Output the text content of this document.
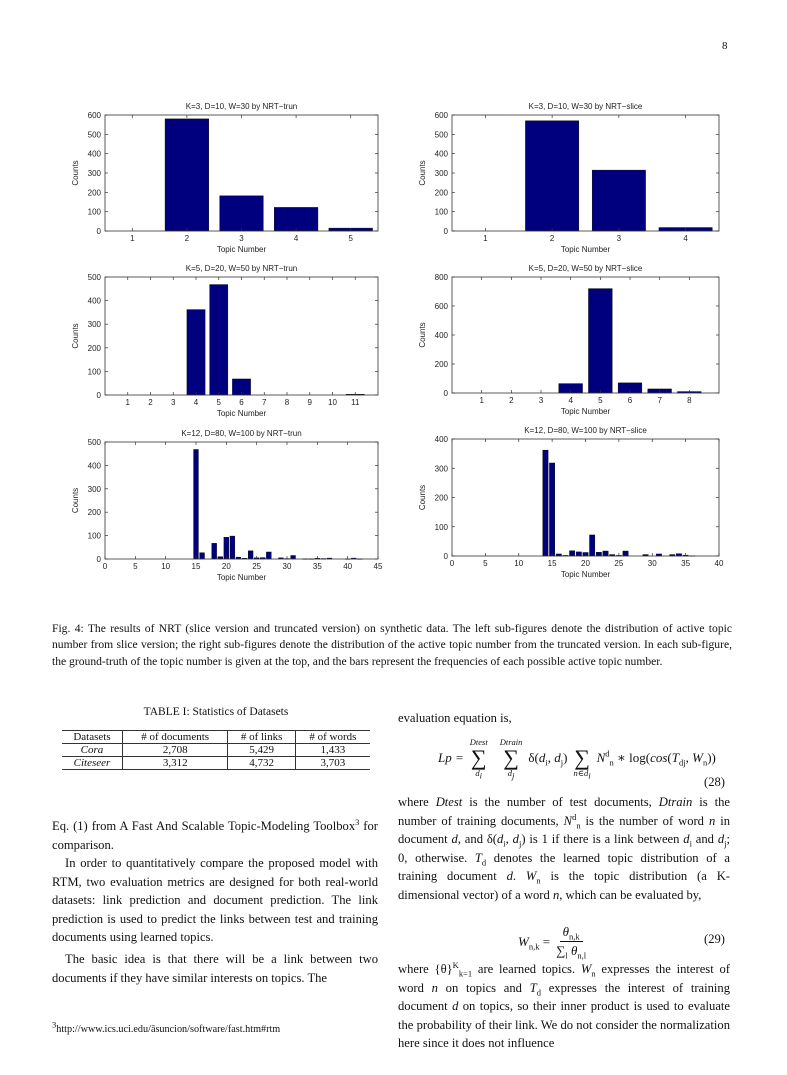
8
1	2	3	4	5
0
100
200
300
400
500
600
K=3, D=10, W=30 by NRT−trun
Topic Number
Counts
1	2	3	4
0
100
200
300
400
500
600
K=3, D=10, W=30 by NRT−slice
Topic Number
Counts
1 2 3 4 5 6 7 8 9 10 11
0
100
200
300
400
500
K=5, D=20, W=50 by NRT−trun
Topic Number
Counts
1	2	3	4	5	6	7	8
0
200
400
600
800
K=5, D=20, W=50 by NRT−slice
Topic Number
Counts
0	5	10	15	20	25	30	35	40	45
0
100
200
300
400
500
K=12, D=80, W=100 by NRT−trun
Topic Number
Counts
0	5	10	15	20	25	30	35	40
0
100
200
300
400
K=12, D=80, W=100 by NRT−slice
Topic Number
Counts
Fig. 4: The results of NRT (slice version and truncated version) on synthetic data. The left sub-figures denote the distribution of active topic number from slice version; the right sub-figures denote the distribution of the active topic number from the truncated version. In each sub-figure, the ground-truth of the topic number is given at the top, and the bars represent the frequencies of each possible active topic number.
TABLE I: Statistics of Datasets
Datasets	# of documents	# of links	# of words
Cora	2,708	5,429	1,433
Citeseer	3,312	4,732	3,703
Eq. (1) from A Fast And Scalable Topic-Modeling Toolbox$^3$ for comparison.
In order to quantitatively compare the proposed model with RTM, two evaluation metrics are designed for both real-world datasets: link prediction and document prediction. The link prediction is used to predict the links between test and training documents using learned topics.
The basic idea is that there will be a link between two documents if they have similar interests on topics. The
$^3$http://www.ics.uci.edu/āsuncion/software/fast.htm#rtm
evaluation equation is,
Lp =
Dtest
∑
$d_i$
Dtrain
∑
$d_j$
$\delta(d_i$, $d_j$)
∑
$n\in d_i$
$N^d_n$ ∗ $\log(\cos(T_{dj}$, $W_n$))
(28)
where Dtest is the number of test documents, Dtrain is the number of training documents, $N^d_n$ is the number of word n in document d, and $\delta(d_i$, $d_j$) is 1 if there is a link between $d_i$ and $d_j$; 0, otherwise. $T_d$ denotes the learned topic distribution of a training document d. $W_n$ is the topic distribution (a K-dimensional vector) of a word n, which can be evaluated by,
$W_{n,k} = \frac{\theta_{n,k}}{\sum_l \theta_{n,l}}$	(29)
where $\{\theta\}^K_{k=1}$ are learned topics. $W_n$ expresses the interest of word n on topics and $T_d$ expresses the interest of training document d on topics, so their inner product is used to evaluate the probability of their link. We do not consider the normalization here since it does not influence
